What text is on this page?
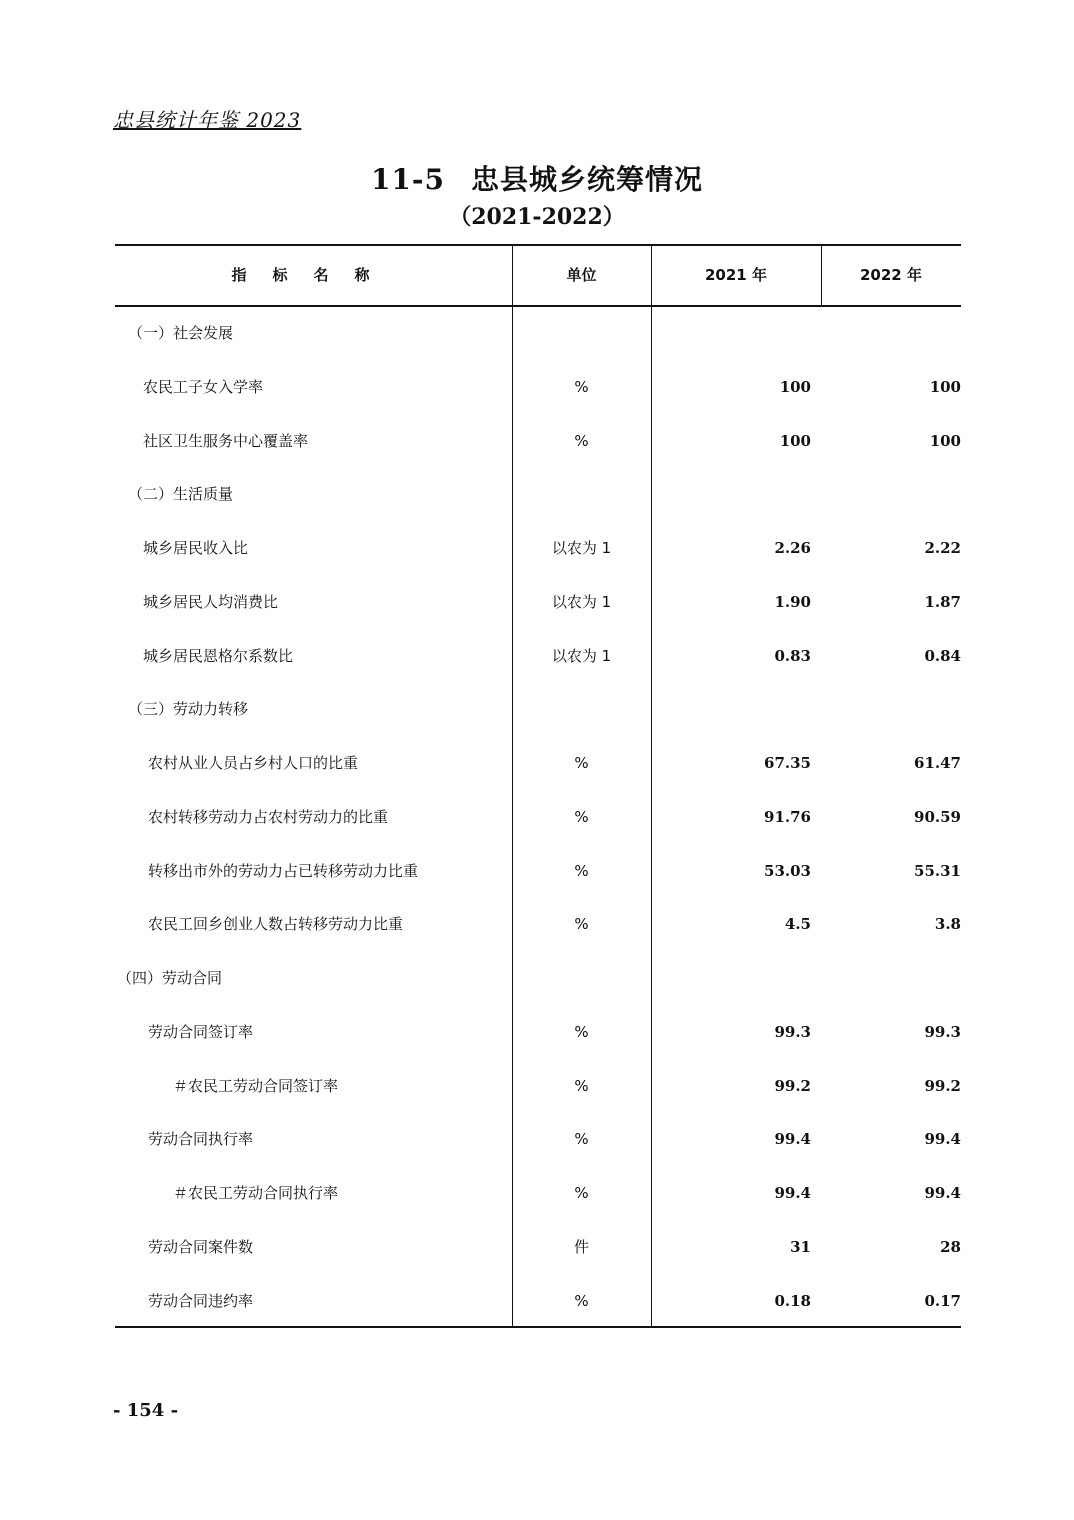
忠县统计年鉴 2023
11-5 忠县城乡统筹情况
（2021-2022）
指标名称	单位	2021 年	2022 年
（一）社会发展
农民工子女入学率	%	100	100
社区卫生服务中心覆盖率	%	100	100
（二）生活质量
城乡居民收入比	以农为 1	2.26	2.22
城乡居民人均消费比	以农为 1	1.90	1.87
城乡居民恩格尔系数比	以农为 1	0.83	0.84
（三）劳动力转移
农村从业人员占乡村人口的比重	%	67.35	61.47
农村转移劳动力占农村劳动力的比重	%	91.76	90.59
转移出市外的劳动力占已转移劳动力比重	%	53.03	55.31
农民工回乡创业人数占转移劳动力比重	%	4.5	3.8
（四）劳动合同
劳动合同签订率	%	99.3	99.3
＃农民工劳动合同签订率	%	99.2	99.2
劳动合同执行率	%	99.4	99.4
＃农民工劳动合同执行率	%	99.4	99.4
劳动合同案件数	件	31	28
劳动合同违约率	%	0.18	0.17
- 154 -
